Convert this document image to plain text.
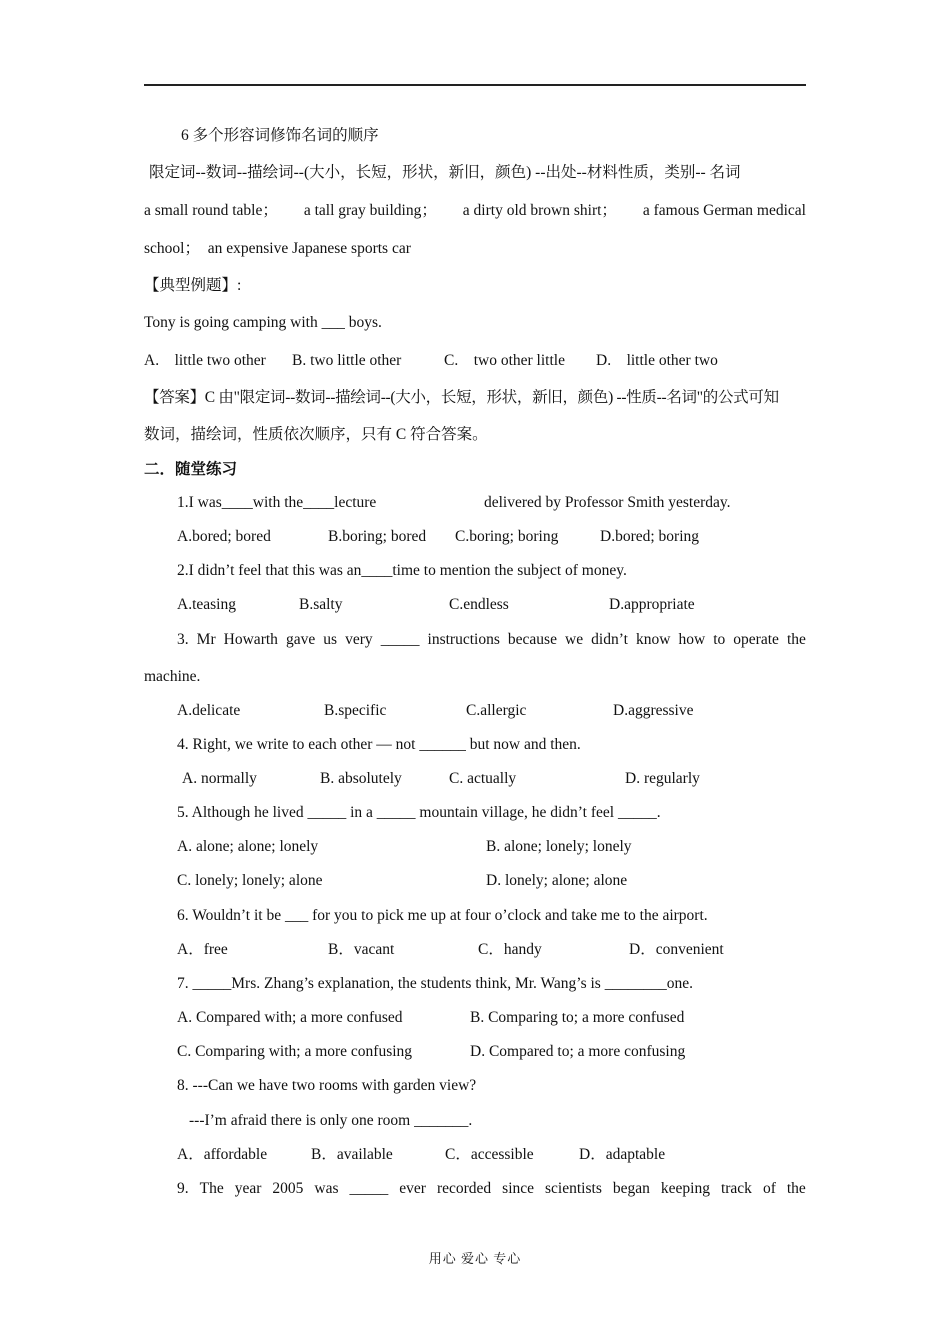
6 多个形容词修饰名词的顺序
限定词--数词--描绘词--(大小，长短，形状，新旧，颜色) --出处--材料性质，类别-- 名词
a small round table； a tall gray building； a dirty old brown shirt； a famous German medical
school；  an expensive Japanese sports car
【典型例题】:
Tony is going camping with ___ boys.
A.    little two other B. two little other	C.    two other little D.    little other two
【答案】C 由"限定词--数词--描绘词--(大小，长短，形状，新旧，颜色) --性质--名词"的公式可知
数词，描绘词，性质依次顺序，只有 C 符合答案。
二．随堂练习
1.I was____with the____lecture	delivered by Professor Smith yesterday.
A.bored; bored	B.boring; bored C.boring; boring	D.bored; boring
2.I didn’t feel that this was an____time to mention the subject of money.
A.teasing	B.salty	C.endless	D.appropriate
3. Mr Howarth gave us very _____ instructions because we didn’t know how to operate the
machine.
A.delicate	B.specific	C.allergic	D.aggressive
4. Right, we write to each other — not ______ but now and then.
A. normally	B. absolutely	C. actually	D. regularly
5. Although he lived _____ in a _____ mountain village, he didn’t feel _____.
A. alone; alone; lonely	B. alone; lonely; lonely
C. lonely; lonely; alone	D. lonely; alone; alone
6. Wouldn’t it be ___ for you to pick me up at four o’clock and take me to the airport.
A．free	B．vacant	C．handy	D．convenient
7. _____Mrs. Zhang’s explanation, the students think, Mr. Wang’s is ________one.
A. Compared with; a more confused	B. Comparing to; a more confused
C. Comparing with; a more confusing	D. Compared to; a more confusing
8. ---Can we have two rooms with garden view?
---I’m afraid there is only one room _______.
A．affordable	B．available	C．accessible	D．adaptable
9. The year 2005 was _____ ever recorded since scientists began keeping track of the
用心 爱心 专心
